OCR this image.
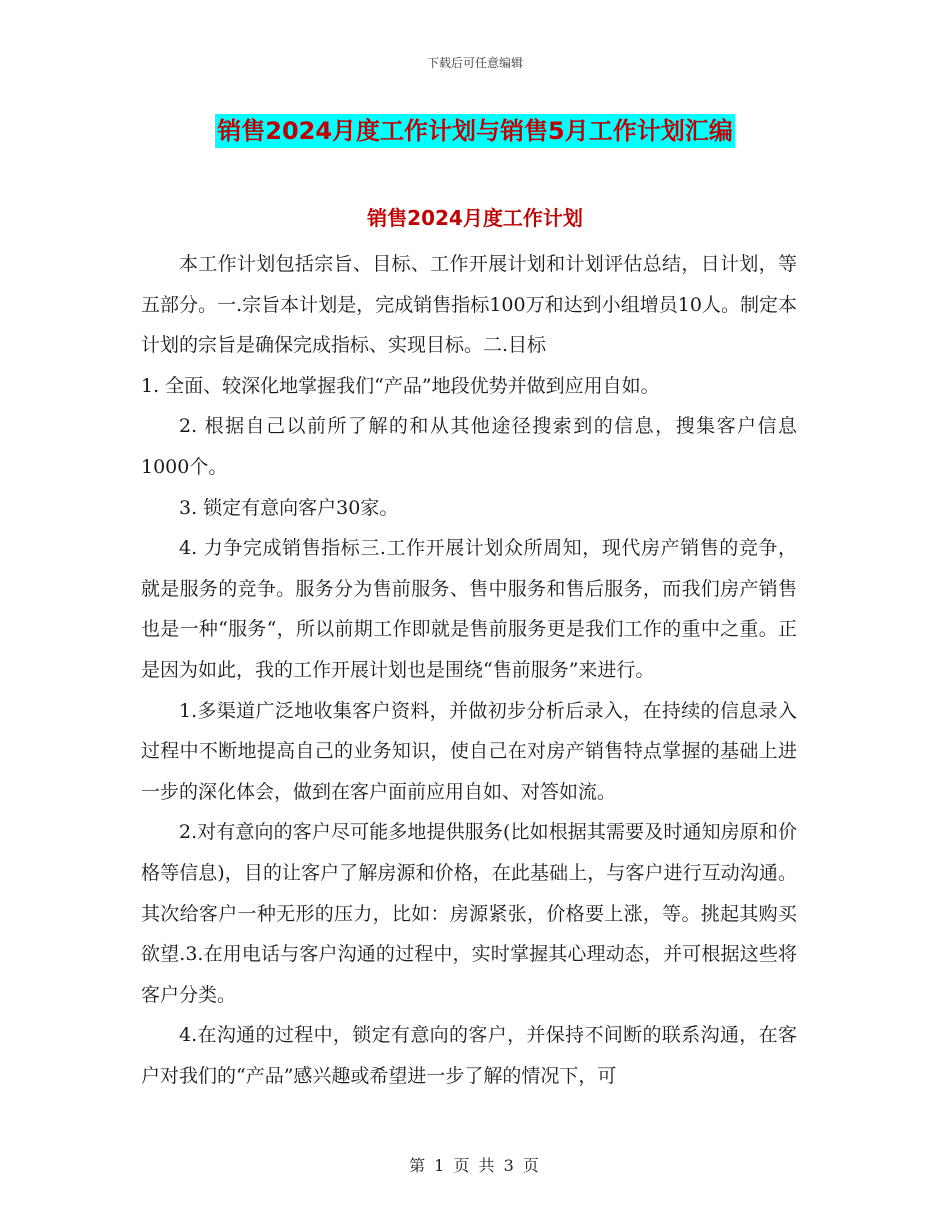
下载后可任意编辑
销售2024月度工作计划与销售5月工作计划汇编
销售2024月度工作计划

本工作计划包括宗旨、目标、工作开展计划和计划评估总结，日计划，等五部分。一.宗旨本计划是，完成销售指标100万和达到小组增员10人。制定本计划的宗旨是确保完成指标、实现目标。二.目标

1. 全面、较深化地掌握我们“产品”地段优势并做到应用自如。

2. 根据自己以前所了解的和从其他途径搜索到的信息，搜集客户信息1000个。

3. 锁定有意向客户30家。

4. 力争完成销售指标三.工作开展计划众所周知，现代房产销售的竞争，就是服务的竞争。服务分为售前服务、售中服务和售后服务，而我们房产销售也是一种“服务“，所以前期工作即就是售前服务更是我们工作的重中之重。正是因为如此，我的工作开展计划也是围绕“售前服务”来进行。

1.多渠道广泛地收集客户资料，并做初步分析后录入，在持续的信息录入过程中不断地提高自己的业务知识，使自己在对房产销售特点掌握的基础上进一步的深化体会，做到在客户面前应用自如、对答如流。

2.对有意向的客户尽可能多地提供服务(比如根据其需要及时通知房原和价格等信息)，目的让客户了解房源和价格，在此基础上，与客户进行互动沟通。其次给客户一种无形的压力，比如：房源紧张，价格要上涨，等。挑起其购买欲望.3.在用电话与客户沟通的过程中，实时掌握其心理动态，并可根据这些将客户分类。

4.在沟通的过程中，锁定有意向的客户，并保持不间断的联系沟通，在客户对我们的“产品”感兴趣或希望进一步了解的情况下，可

第 1 页 共 3 页
